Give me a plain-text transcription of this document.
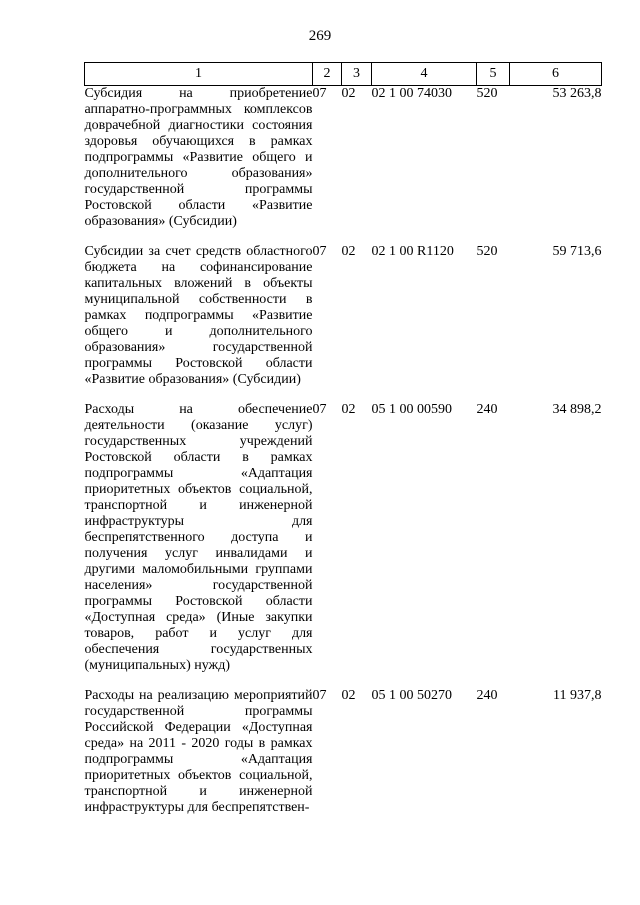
269
1	2	3	4	5	6
Субсидия на приобретение аппаратно-программных комплексов доврачебной диагностики состояния здоровья обучающихся в рамках подпрограммы «Развитие общего и дополнительного образования» государственной программы Ростовской области «Развитие образования» (Субсидии)	07	02	02 1 00 74030	520	53 263,8
Субсидии за счет средств областного бюджета на софинансирование капитальных вложений в объекты муниципальной собственности в рамках подпрограммы «Развитие общего и дополнительного образования» государственной программы Ростовской области «Развитие образования» (Субсидии)	07	02	02 1 00 R1120	520	59 713,6
Расходы на обеспечение деятельности (оказание услуг) государственных учреждений Ростовской области в рамках подпрограммы «Адаптация приоритетных объектов социальной, транспортной и инженерной инфраструктуры для беспрепятственного доступа и получения услуг инвалидами и другими маломобильными группами населения» государственной программы Ростовской области «Доступная среда» (Иные закупки товаров, работ и услуг для обеспечения государственных (муниципальных) нужд)	07	02	05 1 00 00590	240	34 898,2
Расходы на реализацию мероприятий государственной программы Российской Федерации «Доступная среда» на 2011 - 2020 годы в рамках подпрограммы «Адаптация приоритетных объектов социальной, транспортной и инженерной инфраструктуры для беспрепятствен-	07	02	05 1 00 50270	240	11 937,8
